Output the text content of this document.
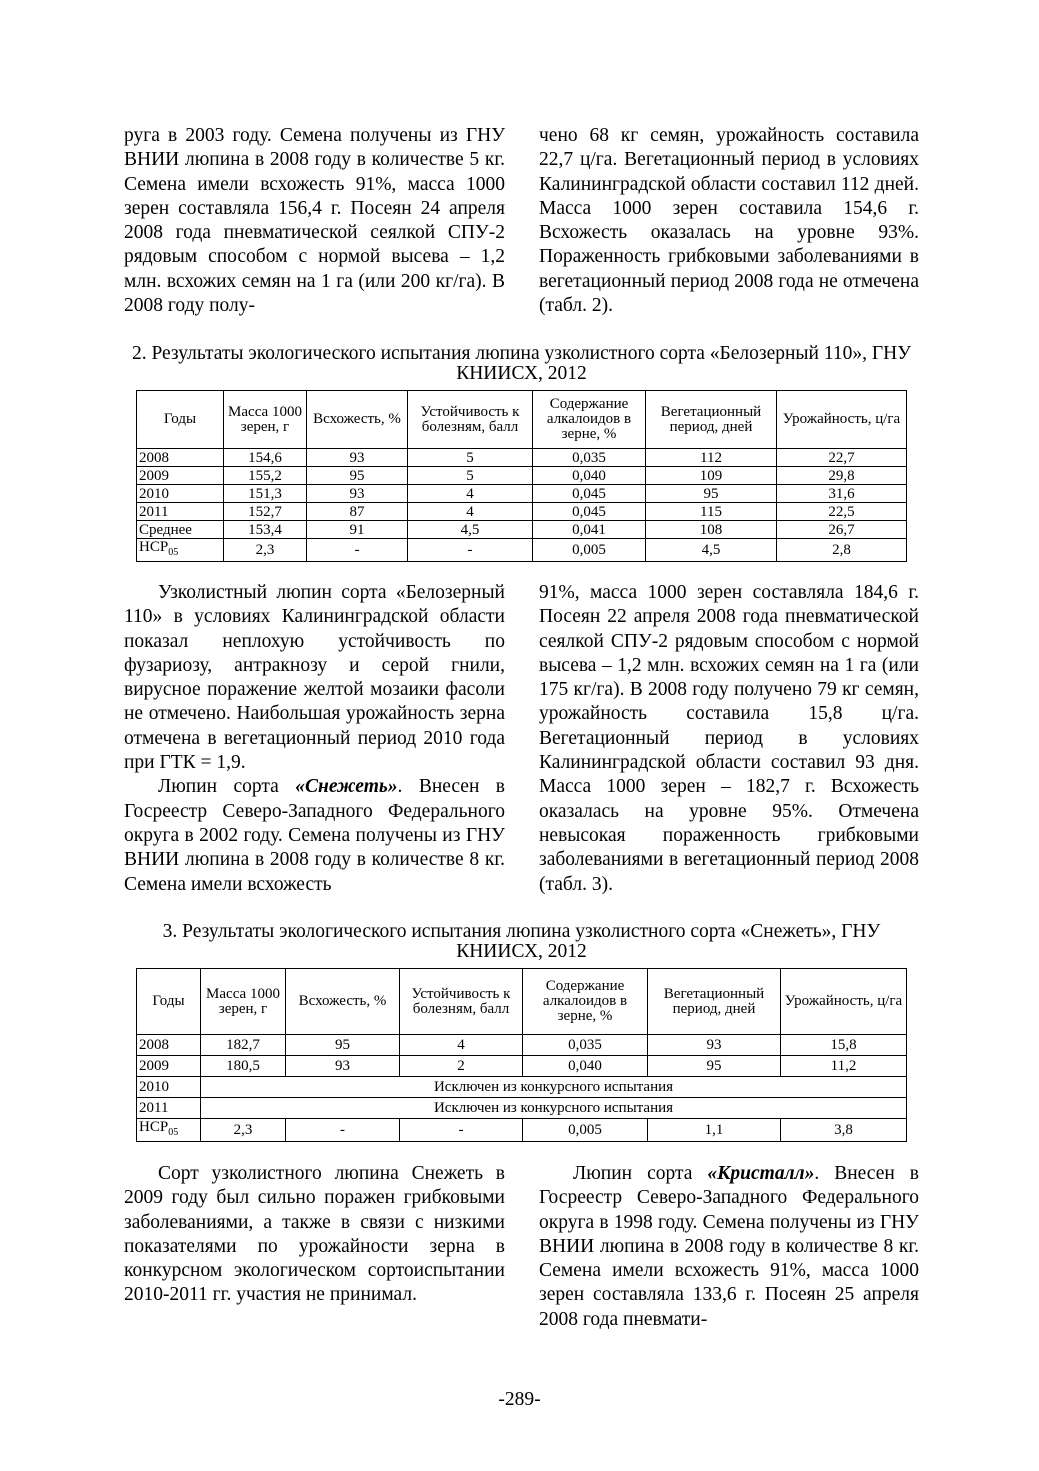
руга в 2003 году. Семена получены из ГНУ ВНИИ люпина в 2008 году в количестве 5 кг. Семена имели всхожесть 91%, масса 1000 зерен составляла 156,4 г. Посеян 24 апреля 2008 года пневматической сеялкой СПУ-2 рядовым способом с нормой высева – 1,2 млн. всхожих семян на 1 га (или 200 кг/га). В 2008 году полу-

чено 68 кг семян, урожайность составила 22,7 ц/га. Вегетационный период в условиях Калининградской области составил 112 дней. Масса 1000 зерен составила 154,6 г. Всхожесть оказалась на уровне 93%. Пораженность грибковыми заболеваниями в вегетационный период 2008 года не отмечена (табл. 2).

2. Результаты экологического испытания люпина узколистного сорта «Белозерный 110», ГНУ КНИИСХ, 2012
Годы	Масса 1000 зерен, г	Всхожесть, %	Устойчивость к болезням, балл	Содержание алкалоидов в зерне, %	Вегетационный период, дней	Урожайность, ц/га
2008	154,6	93	5	0,035	112	22,7
2009	155,2	95	5	0,040	109	29,8
2010	151,3	93	4	0,045	95	31,6
2011	152,7	87	4	0,045	115	22,5
Среднее	153,4	91	4,5	0,041	108	26,7
$НСР_{05}$	2,3	-	-	0,005	4,5	2,8

Узколистный люпин сорта «Белозерный 110» в условиях Калининградской области показал неплохую устойчивость по фузариозу, антракнозу и серой гнили, вирусное поражение желтой мозаики фасоли не отмечено. Наибольшая урожайность зерна отмечена в вегетационный период 2010 года при ГТК = 1,9.

Люпин сорта «Снежеть». Внесен в Госреестр Северо-Западного Федерального округа в 2002 году. Семена получены из ГНУ ВНИИ люпина в 2008 году в количестве 8 кг. Семена имели всхожесть

91%, масса 1000 зерен составляла 184,6 г. Посеян 22 апреля 2008 года пневматической сеялкой СПУ-2 рядовым способом с нормой высева – 1,2 млн. всхожих семян на 1 га (или 175 кг/га). В 2008 году получено 79 кг семян, урожайность составила 15,8 ц/га. Вегетационный период в условиях Калининградской области составил 93 дня. Масса 1000 зерен – 182,7 г. Всхожесть оказалась на уровне 95%. Отмечена невысокая пораженность грибковыми заболеваниями в вегетационный период 2008 (табл. 3).

3. Результаты экологического испытания люпина узколистного сорта «Снежеть», ГНУ КНИИСХ, 2012
Годы	Масса 1000 зерен, г	Всхожесть, %	Устойчивость к болезням, балл	Содержание алкалоидов в зерне, %	Вегетационный период, дней	Урожайность, ц/га
2008	182,7	95	4	0,035	93	15,8
2009	180,5	93	2	0,040	95	11,2
2010	Исключен из конкурсного испытания					
2011	Исключен из конкурсного испытания					
$НСР_{05}$	2,3	-	-	0,005	1,1	3,8

Сорт узколистного люпина Снежеть в 2009 году был сильно поражен грибковыми заболеваниями, а также в связи с низкими показателями по урожайности зерна в конкурсном экологическом сортоиспытании 2010-2011 гг. участия не принимал.

Люпин сорта «Кристалл». Внесен в Госреестр Северо-Западного Федерального округа в 1998 году. Семена получены из ГНУ ВНИИ люпина в 2008 году в количестве 8 кг. Семена имели всхожесть 91%, масса 1000 зерен составляла 133,6 г. Посеян 25 апреля 2008 года пневмати-

-289-
